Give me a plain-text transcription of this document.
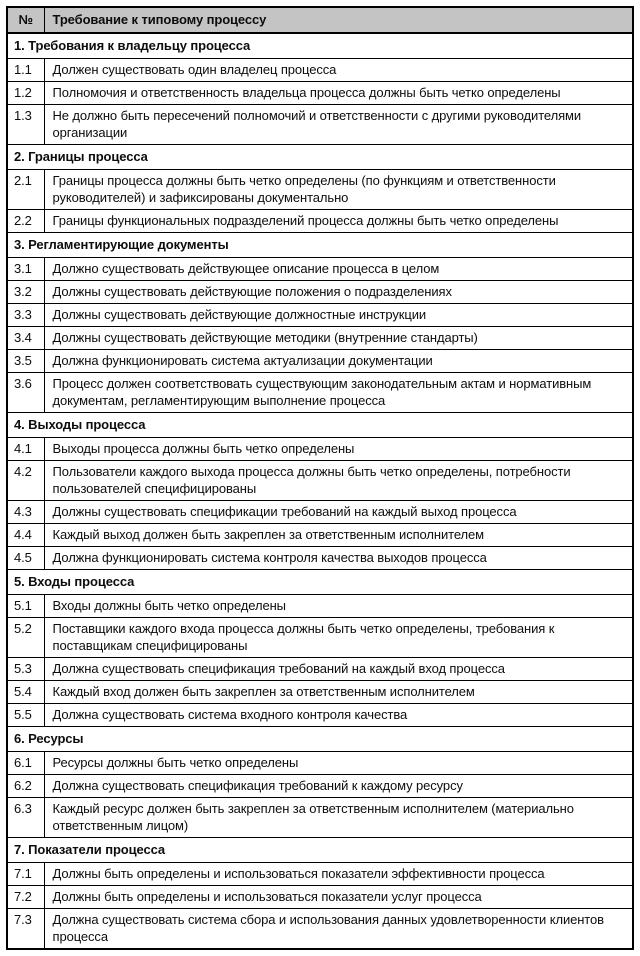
№	Требование к типовому процессу
1. Требования к владельцу процесса	
1.1	Должен существовать один владелец процесса
1.2	Полномочия и ответственность владельца процесса должны быть четко определены
1.3	Не должно быть пересечений полномочий и ответственности с другими руководителями организации
2. Границы процесса	
2.1	Границы процесса должны быть четко определены (по функциям и ответственности руководителей) и зафиксированы документально
2.2	Границы функциональных подразделений процесса должны быть четко определены
3. Регламентирующие документы	
3.1	Должно существовать действующее описание процесса в целом
3.2	Должны существовать действующие положения о подразделениях
3.3	Должны существовать действующие должностные инструкции
3.4	Должны существовать действующие методики (внутренние стандарты)
3.5	Должна функционировать система актуализации документации
3.6	Процесс должен соответствовать существующим законодательным актам и нормативным документам, регламентирующим выполнение процесса
4. Выходы процесса	
4.1	Выходы процесса должны быть четко определены
4.2	Пользователи каждого выхода процесса должны быть четко определены, потребности пользователей специфицированы
4.3	Должны существовать спецификации требований на каждый выход процесса
4.4	Каждый выход должен быть закреплен за ответственным исполнителем
4.5	Должна функционировать система контроля качества выходов процесса
5. Входы процесса	
5.1	Входы должны быть четко определены
5.2	Поставщики каждого входа процесса должны быть четко определены, требования к поставщикам специфицированы
5.3	Должна существовать спецификация требований на каждый вход процесса
5.4	Каждый вход должен быть закреплен за ответственным исполнителем
5.5	Должна существовать система входного контроля качества
6. Ресурсы	
6.1	Ресурсы должны быть четко определены
6.2	Должна существовать спецификация требований к каждому ресурсу
6.3	Каждый ресурс должен быть закреплен за ответственным исполнителем (материально ответственным лицом)
7. Показатели процесса	
7.1	Должны быть определены и использоваться показатели эффективности процесса
7.2	Должны быть определены и использоваться показатели услуг процесса
7.3	Должна существовать система сбора и использования данных удовлетворенности клиентов процесса
